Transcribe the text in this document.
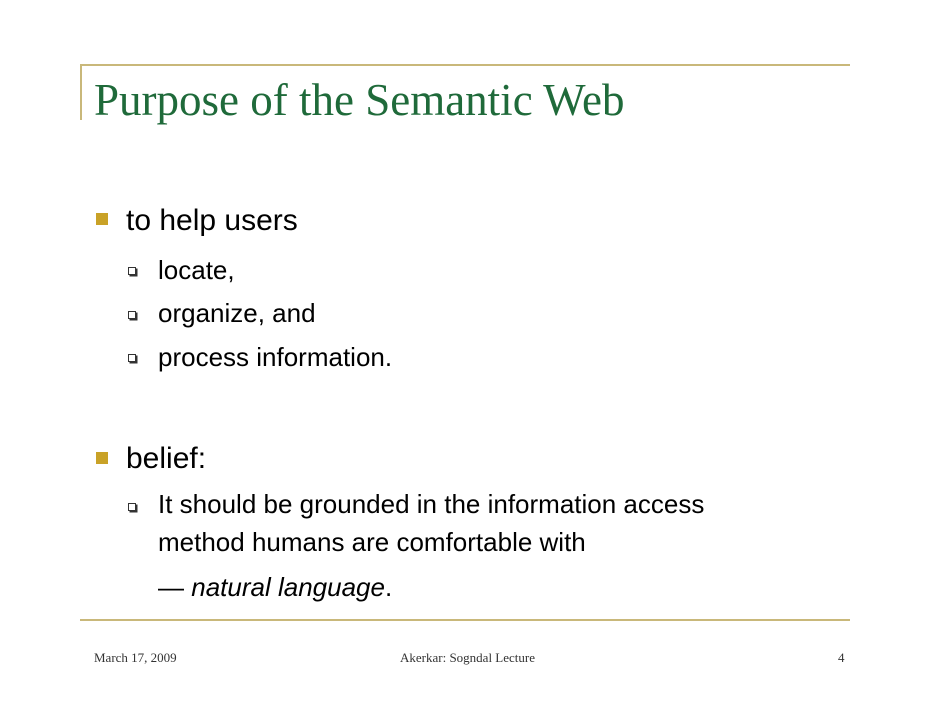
Purpose of the Semantic Web
to help users
locate,
organize, and
process information.
belief:
It should be grounded in the information access
method humans are comfortable with
— natural language.
March 17, 2009	Akerkar: Sogndal Lecture	4
